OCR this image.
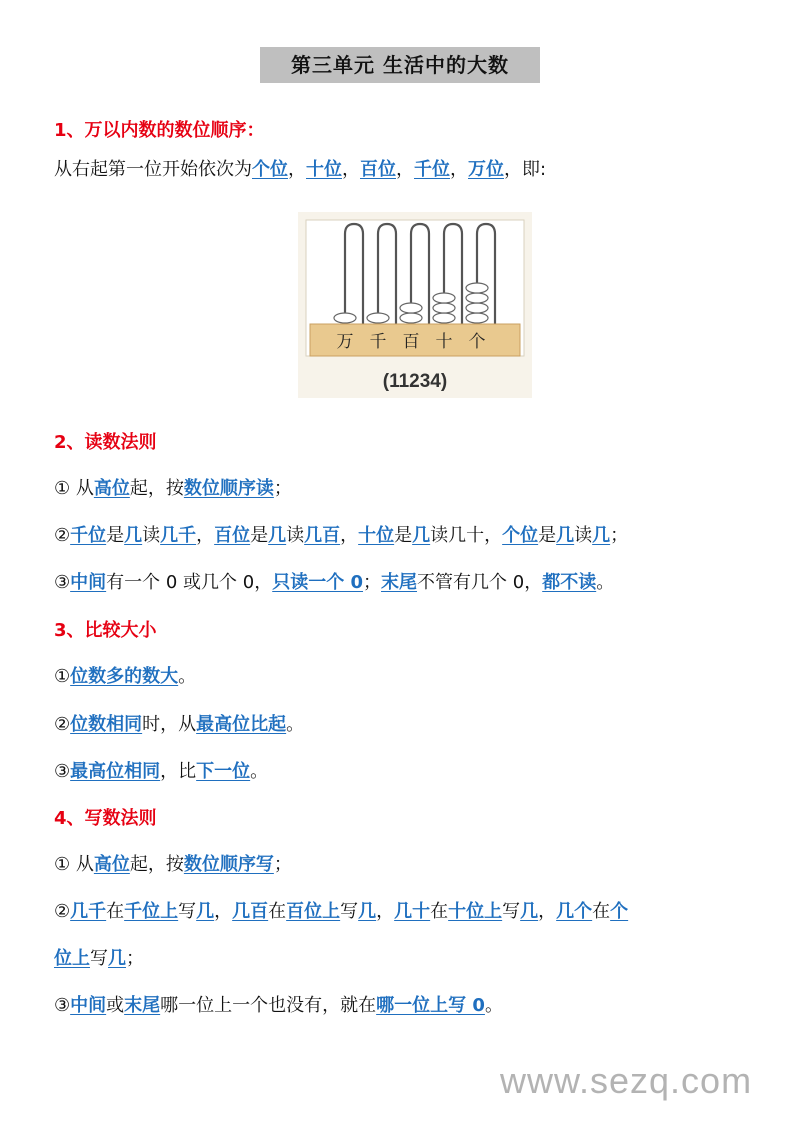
第三单元 生活中的大数
1、万以内数的数位顺序：
从右起第一位开始依次为个位，十位，百位，千位，万位，即:
万 千 百 十 个
(11234)
2、读数法则
① 从高位起，按数位顺序读；
②千位是几读几千，百位是几读几百，十位是几读几十，个位是几读几；
③中间有一个 0 或几个 0，只读一个 0；末尾不管有几个 0，都不读。
3、比较大小
①位数多的数大。
②位数相同时，从最高位比起。
③最高位相同，比下一位。
4、写数法则
① 从高位起，按数位顺序写；
②几千在千位上写几，几百在百位上写几，几十在十位上写几，几个在个
位上写几；
③中间或末尾哪一位上一个也没有，就在哪一位上写 0。
www.sezq.com
